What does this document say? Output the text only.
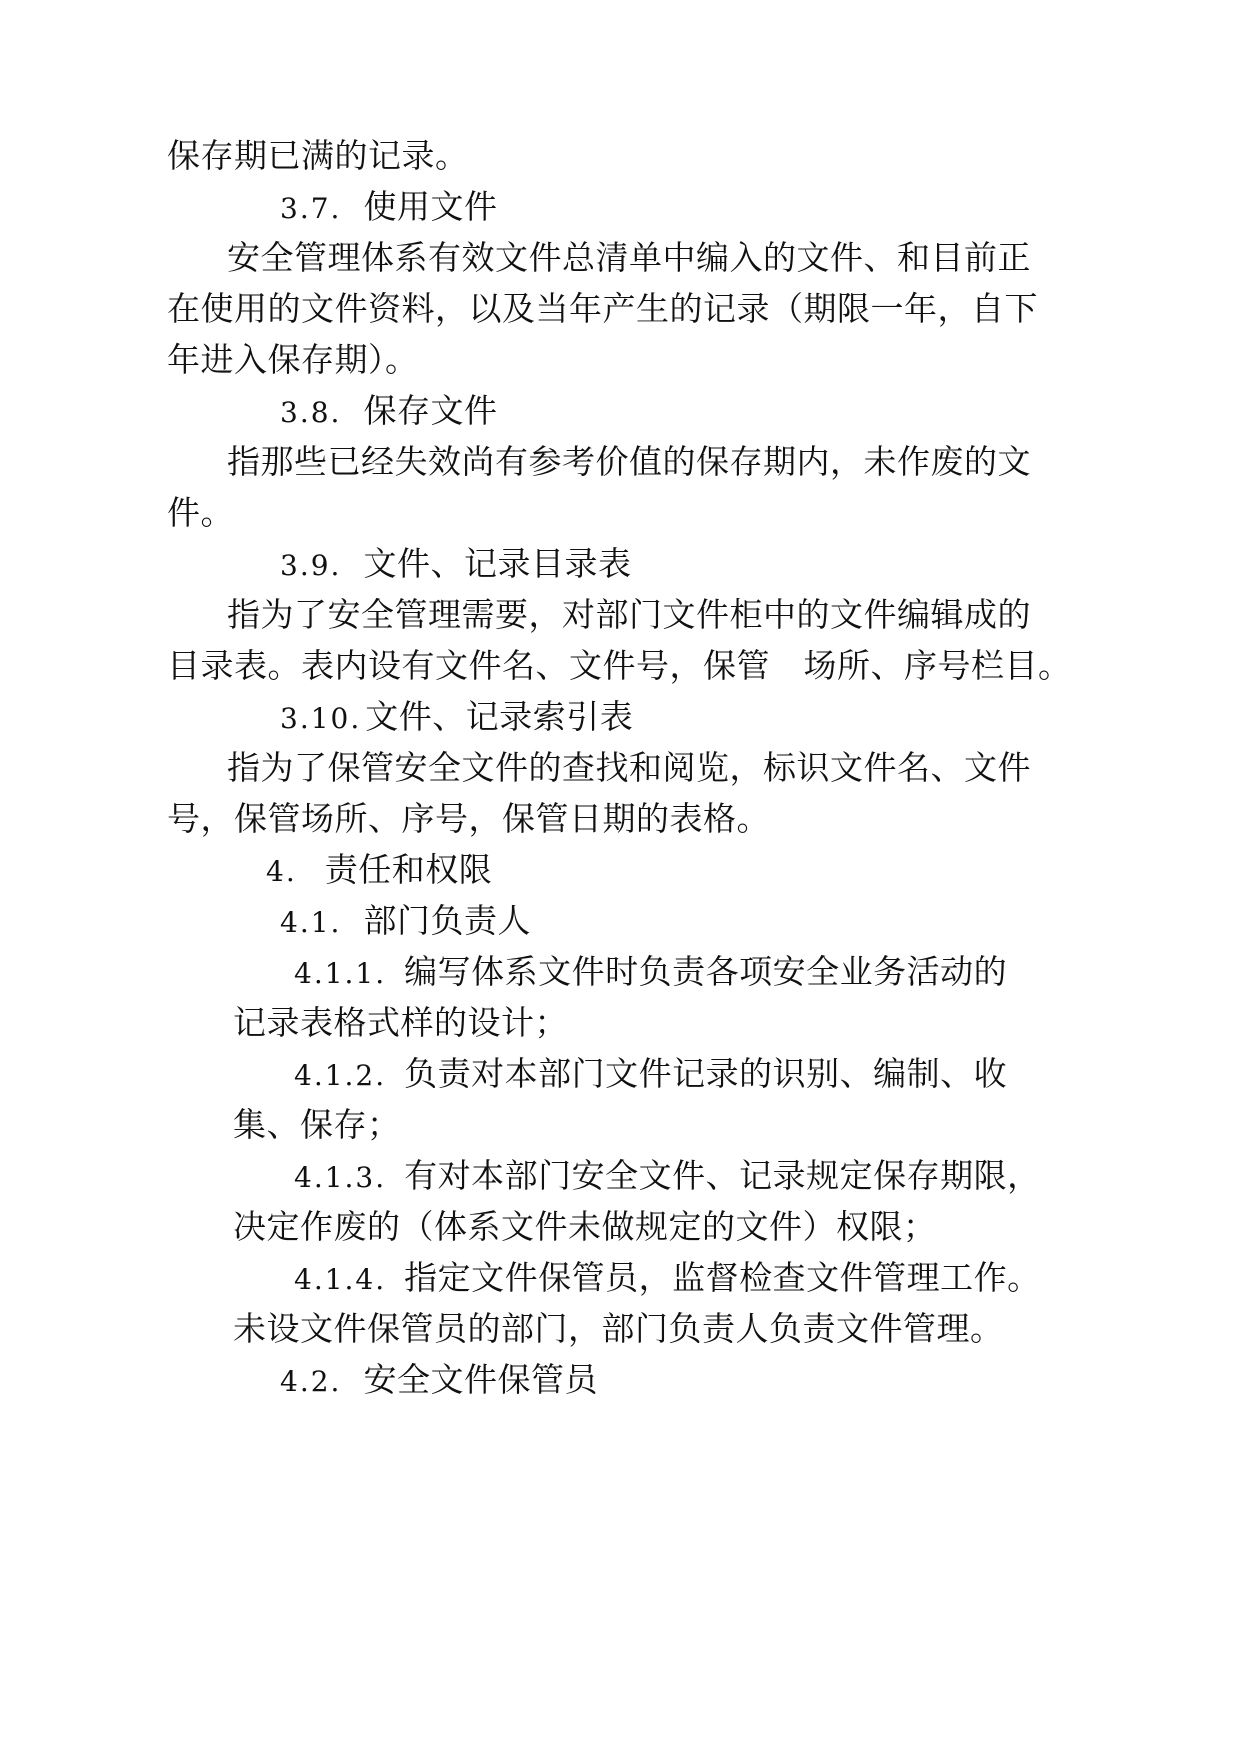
保存期已满的记录。
3.7. 使用文件
安全管理体系有效文件总清单中编入的文件、和目前正
在使用的文件资料，以及当年产生的记录（期限一年，自下
年进入保存期）。
3.8. 保存文件
指那些已经失效尚有参考价值的保存期内，未作废的文
件。
3.9. 文件、记录目录表
指为了安全管理需要，对部门文件柜中的文件编辑成的
目录表。表内设有文件名、文件号，保管　场所、序号栏目。
3.10. 文件、记录索引表
指为了保管安全文件的查找和阅览，标识文件名、文件
号，保管场所、序号，保管日期的表格。
4. 责任和权限
4.1. 部门负责人
4.1.1. 编写体系文件时负责各项安全业务活动的
记录表格式样的设计；
4.1.2. 负责对本部门文件记录的识别、编制、收
集、保存；
4.1.3. 有对本部门安全文件、记录规定保存期限，
决定作废的（体系文件未做规定的文件）权限；
4.1.4. 指定文件保管员，监督检查文件管理工作。
未设文件保管员的部门，部门负责人负责文件管理。
4.2. 安全文件保管员
